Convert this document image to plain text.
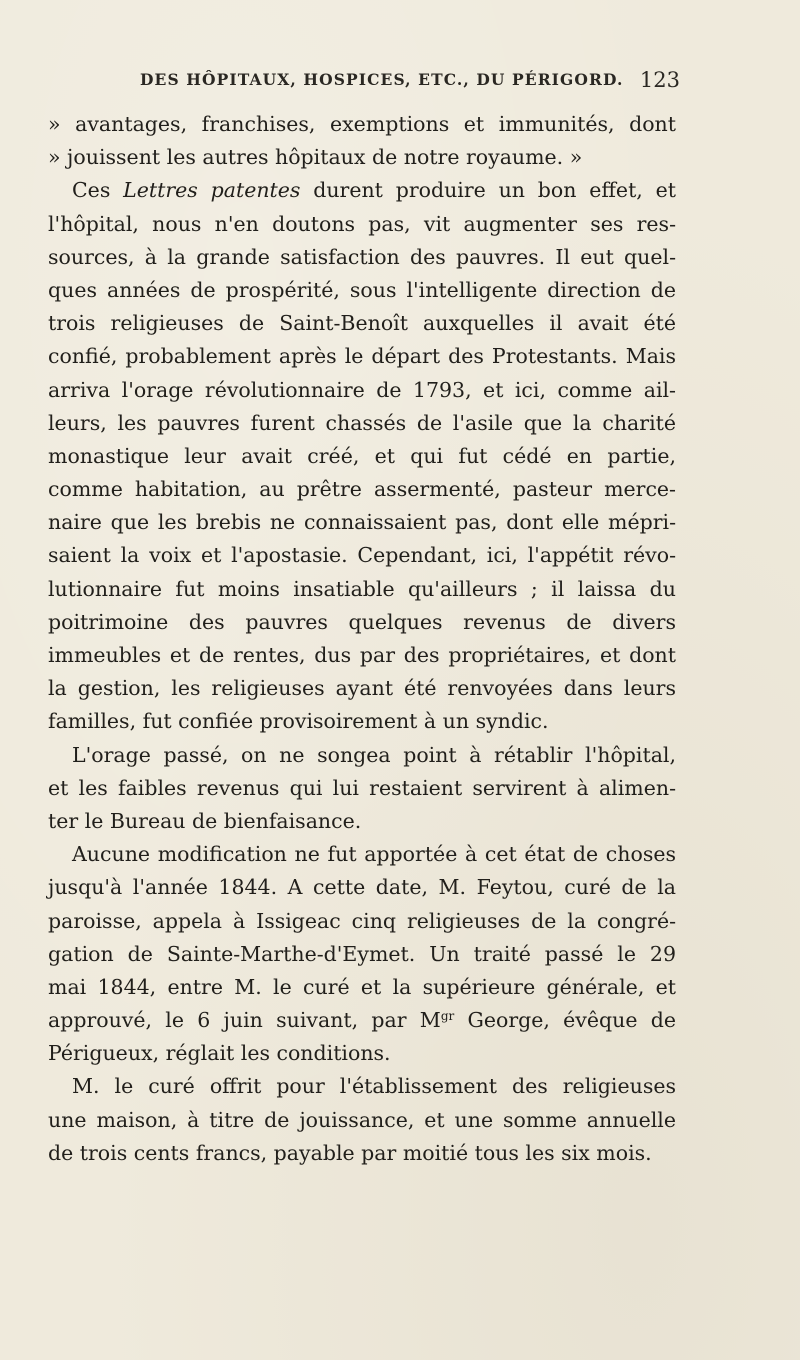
DES HÔPITAUX, HOSPICES, ETC., DU PÉRIGORD. 123
» avantages, franchises, exemptions et immunités, dont
» jouissent les autres hôpitaux de notre royaume. »
Ces Lettres patentes durent produire un bon effet, et
l'hôpital, nous n'en doutons pas, vit augmenter ses res-
sources, à la grande satisfaction des pauvres. Il eut quel-
ques années de prospérité, sous l'intelligente direction de
trois religieuses de Saint-Benoît auxquelles il avait été
confié, probablement après le départ des Protestants. Mais
arriva l'orage révolutionnaire de 1793, et ici, comme ail-
leurs, les pauvres furent chassés de l'asile que la charité
monastique leur avait créé, et qui fut cédé en partie,
comme habitation, au prêtre assermenté, pasteur merce-
naire que les brebis ne connaissaient pas, dont elle mépri-
saient la voix et l'apostasie. Cependant, ici, l'appétit révo-
lutionnaire fut moins insatiable qu'ailleurs ; il laissa du
poitrimoine des pauvres quelques revenus de divers
immeubles et de rentes, dus par des propriétaires, et dont
la gestion, les religieuses ayant été renvoyées dans leurs
familles, fut confiée provisoirement à un syndic.
L'orage passé, on ne songea point à rétablir l'hôpital,
et les faibles revenus qui lui restaient servirent à alimen-
ter le Bureau de bienfaisance.
Aucune modification ne fut apportée à cet état de choses
jusqu'à l'année 1844. A cette date, M. Feytou, curé de la
paroisse, appela à Issigeac cinq religieuses de la congré-
gation de Sainte-Marthe-d'Eymet. Un traité passé le 29
mai 1844, entre M. le curé et la supérieure générale, et
approuvé, le 6 juin suivant, par $M^{gr}$ George, évêque de
Périgueux, réglait les conditions.
M. le curé offrit pour l'établissement des religieuses
une maison, à titre de jouissance, et une somme annuelle
de trois cents francs, payable par moitié tous les six mois.
